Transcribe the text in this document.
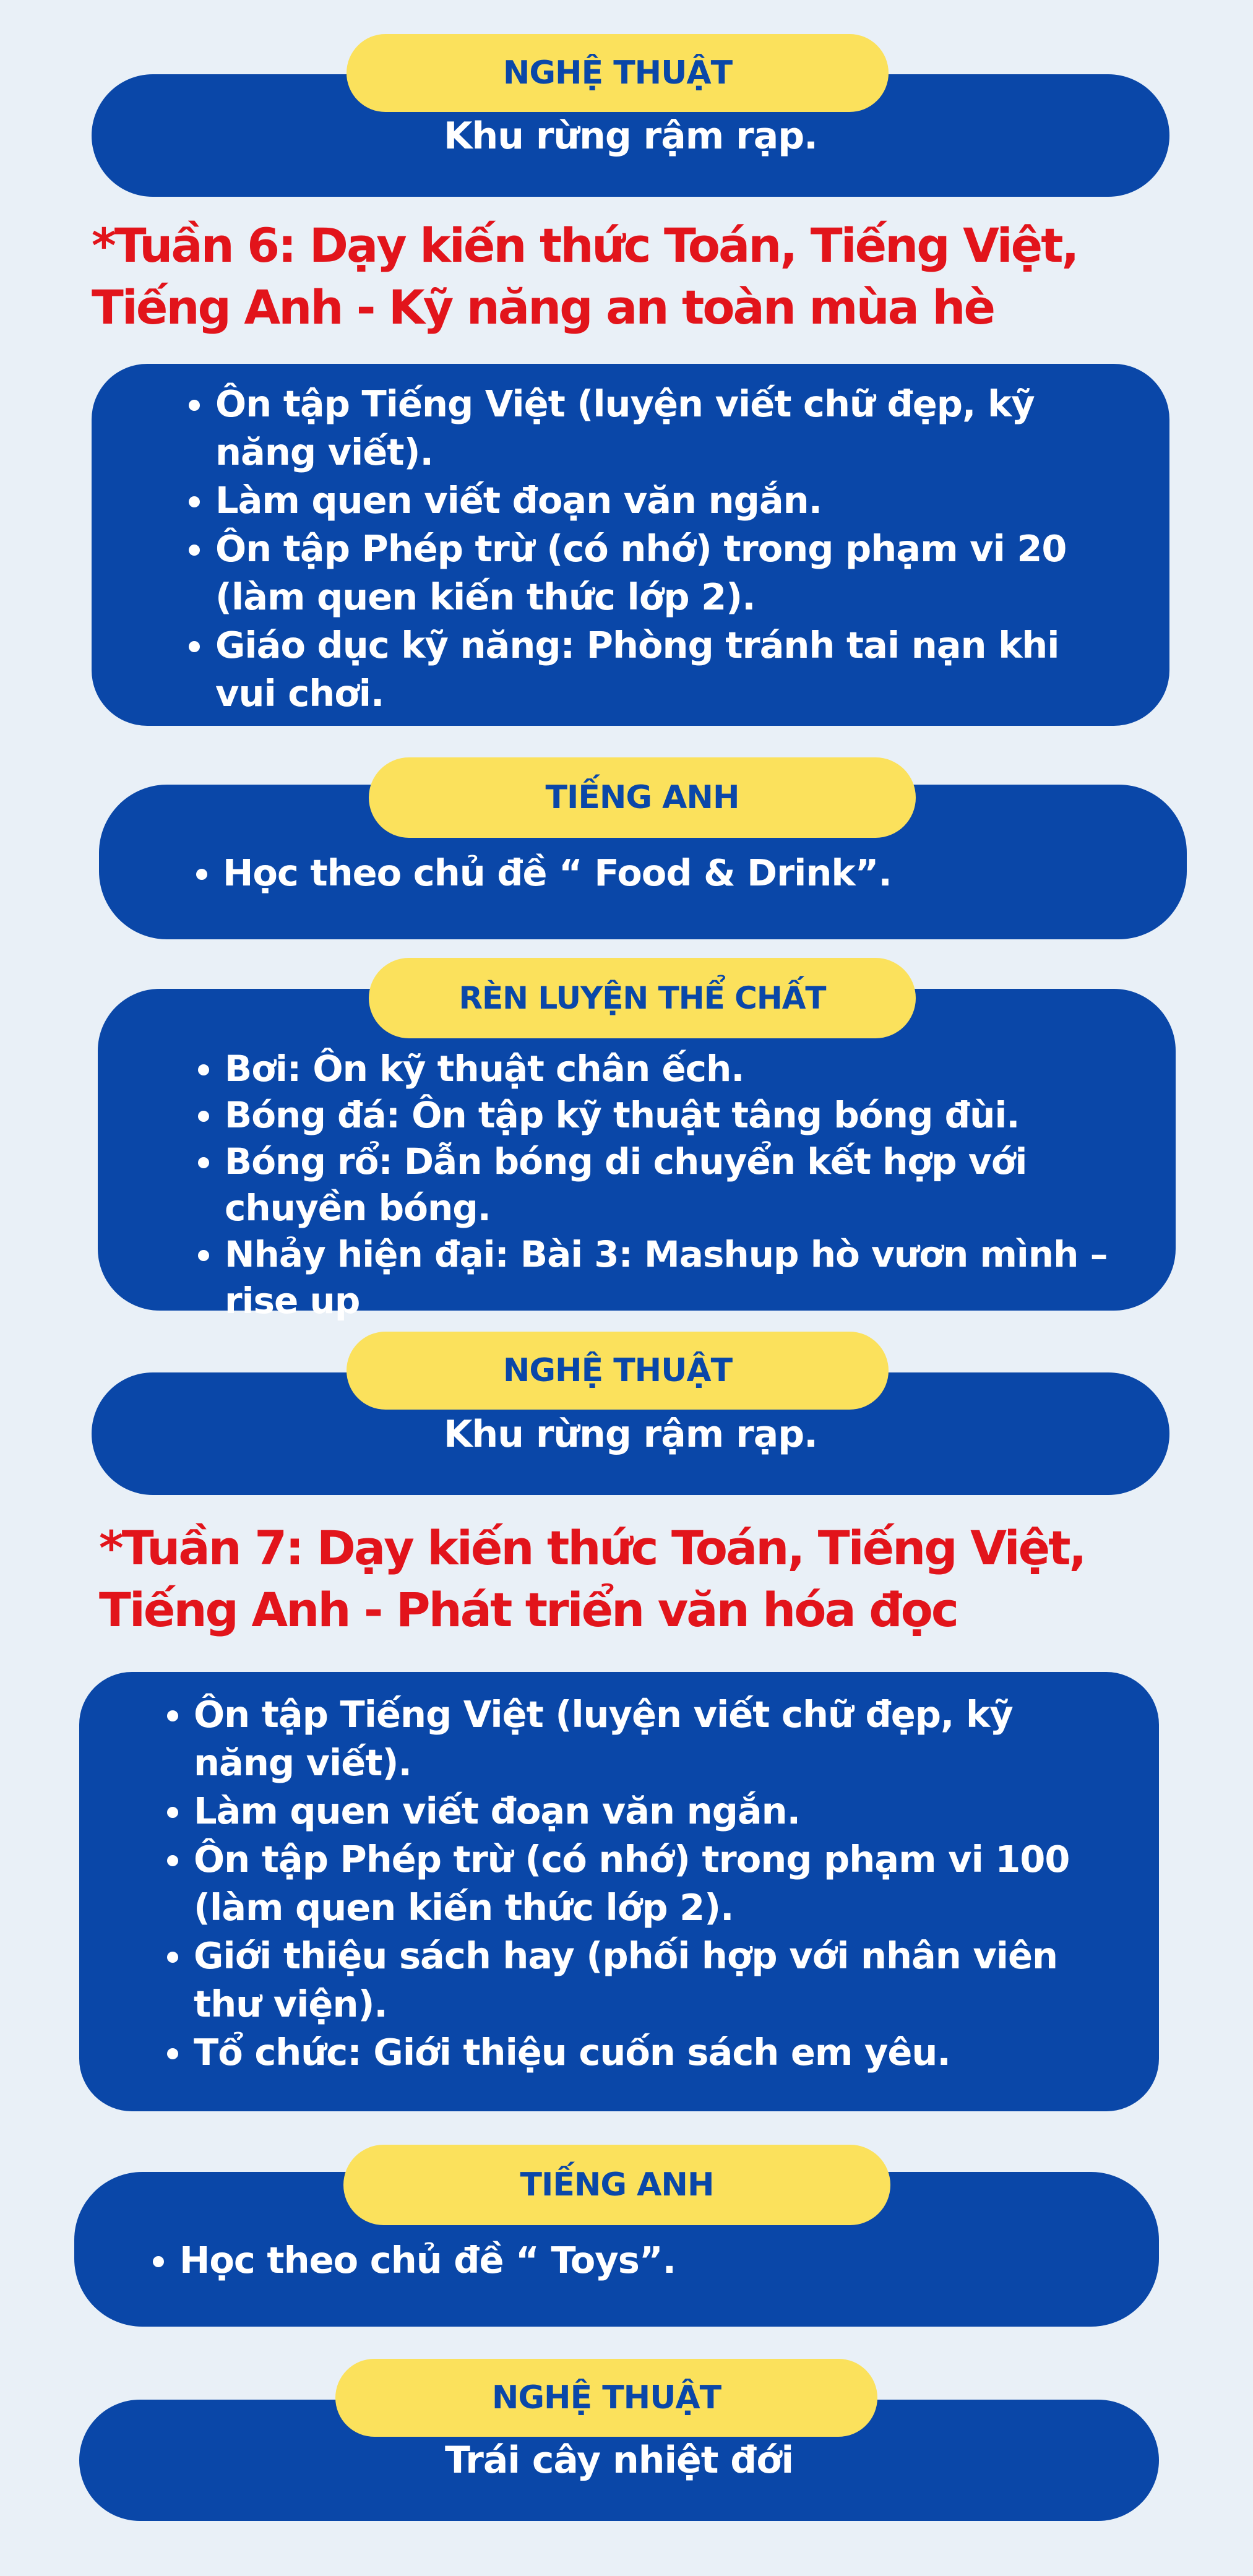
Khu rừng rậm rạp.
NGHỆ THUẬT
*Tuần 6: Dạy kiến thức Toán, Tiếng Việt,
Tiếng Anh - Kỹ năng an toàn mùa hè
• Ôn tập Tiếng Việt (luyện viết chữ đẹp, kỹ năng viết).
• Làm quen viết đoạn văn ngắn.
• Ôn tập Phép trừ (có nhớ) trong phạm vi 20 (làm quen kiến thức lớp 2).
• Giáo dục kỹ năng: Phòng tránh tai nạn khi vui chơi.
• Học theo chủ đề “ Food & Drink”.
TIẾNG ANH
• Bơi: Ôn kỹ thuật chân ếch.
• Bóng đá: Ôn tập kỹ thuật tâng bóng đùi.
• Bóng rổ: Dẫn bóng di chuyển kết hợp với chuyền bóng.
• Nhảy hiện đại: Bài 3: Mashup hò vươn mình – rise up
RÈN LUYỆN THỂ CHẤT
Khu rừng rậm rạp.
NGHỆ THUẬT
*Tuần 7: Dạy kiến thức Toán, Tiếng Việt,
Tiếng Anh - Phát triển văn hóa đọc
• Ôn tập Tiếng Việt (luyện viết chữ đẹp, kỹ năng viết).
• Làm quen viết đoạn văn ngắn.
• Ôn tập Phép trừ (có nhớ) trong phạm vi 100 (làm quen kiến thức lớp 2).
• Giới thiệu sách hay (phối hợp với nhân viên thư viện).
• Tổ chức: Giới thiệu cuốn sách em yêu.
• Học theo chủ đề “ Toys”.
TIẾNG ANH
Trái cây nhiệt đới
NGHỆ THUẬT
